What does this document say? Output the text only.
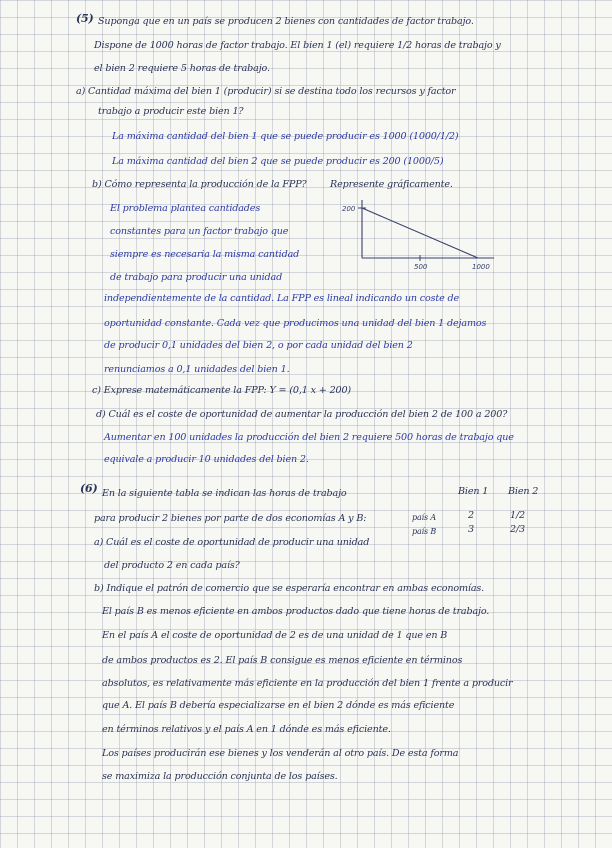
(5) Suponga que en un país se producen 2 bienes con cantidades de factor trabajo.
Dispone de 1000 horas de factor trabajo. El bien 1 (el) requiere 1/2 horas de trabajo y
el bien 2 requiere 5 horas de trabajo.
a) Cantidad máxima del bien 1 (producir) si se destina todo los recursos y factor
trabajo a producir este bien 1?
La máxima cantidad del bien 1 que se puede producir es 1000 (1000/1/2)
La máxima cantidad del bien 2 que se puede producir es 200 (1000/5)
b) Cómo representa la producción de la FPP? Represente gráficamente.
El problema plantea cantidades
constantes para un factor trabajo que
siempre es necesaria la misma cantidad
de trabajo para producir una unidad
independientemente de la cantidad. La FPP es lineal indicando un coste de
oportunidad constante. Cada vez que producimos una unidad del bien 1 dejamos
de producir 0,1 unidades del bien 2, o por cada unidad del bien 2
renunciamos a 0,1 unidades del bien 1.
c) Exprese matemáticamente la FPP: Y = (0,1 x + 200)
d) Cuál es el coste de oportunidad de aumentar la producción del bien 2 de 100 a 200?
Aumentar en 100 unidades la producción del bien 2 requiere 500 horas de trabajo que
equivale a producir 10 unidades del bien 2.
200
500	1000
(6) En la siguiente tabla se indican las horas de trabajo
para producir 2 bienes por parte de dos economías A y B:
Bien 1 Bien 2
país A	2	1/2
país B	3	2/3
a) Cuál es el coste de oportunidad de producir una unidad
del producto 2 en cada país?
b) Indique el patrón de comercio que se esperaría encontrar en ambas economías.
El país B es menos eficiente en ambos productos dado que tiene horas de trabajo.
En el país A el coste de oportunidad de 2 es de una unidad de 1 que en B
de ambos productos es 2. El país B consigue es menos eficiente en términos
absolutos, es relativamente más eficiente en la producción del bien 1 frente a producir
que A. El país B debería especializarse en el bien 2 dónde es más eficiente
en términos relativos y el país A en 1 dónde es más eficiente.
Los países producirán ese bienes y los venderán al otro país. De esta forma
se maximiza la producción conjunta de los países.
